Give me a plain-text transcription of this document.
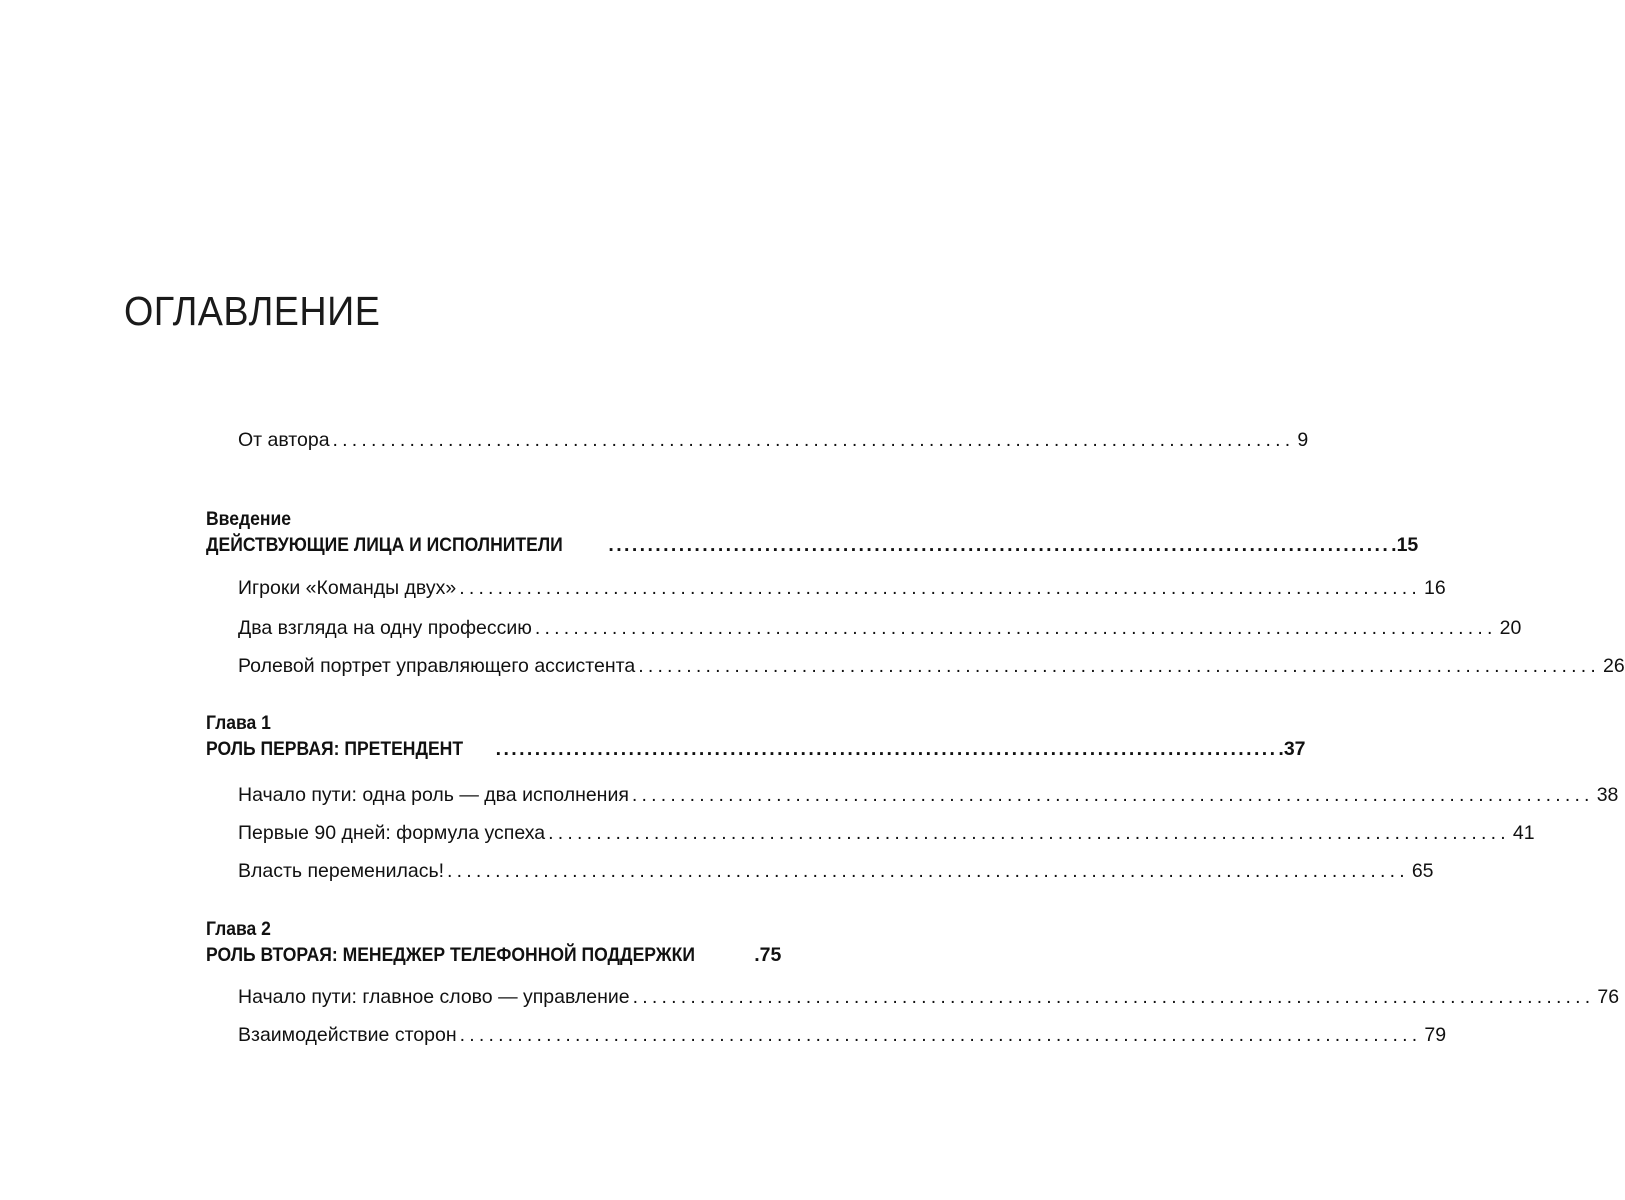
ОГЛАВЛЕНИЕ
От автора .................................................................................................... 9
Введение
ДЕЙСТВУЮЩИЕ ЛИЦА И ИСПОЛНИТЕЛИ .................................................................................................... .15
Игроки «Команды двух» .................................................................................................... 16
Два взгляда на одну профессию .................................................................................................... 20
Ролевой портрет управляющего ассистента .................................................................................................... 26
Глава 1
РОЛЬ ПЕРВАЯ: ПРЕТЕНДЕНТ .................................................................................................... .37
Начало пути: одна роль — два исполнения .................................................................................................... 38
Первые 90 дней: формула успеха .................................................................................................... 41
Власть переменилась! .................................................................................................... 65
Глава 2
РОЛЬ ВТОРАЯ: МЕНЕДЖЕР ТЕЛЕФОННОЙ ПОДДЕРЖКИ	.75
Начало пути: главное слово — управление .................................................................................................... 76
Взаимодействие сторон .................................................................................................... 79
